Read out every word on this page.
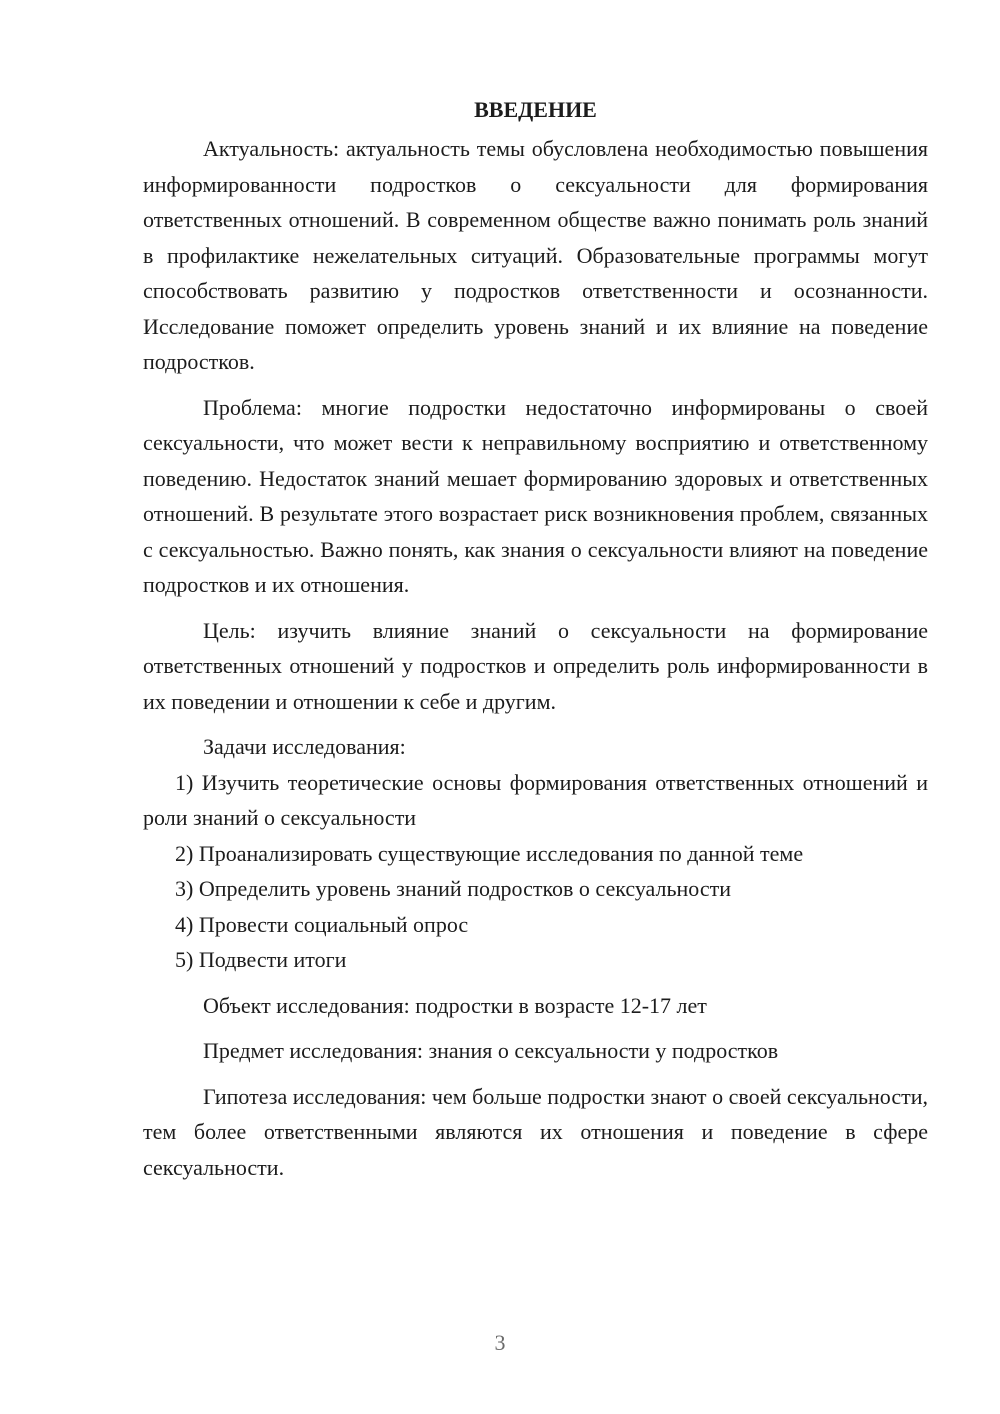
ВВЕДЕНИЕ

Актуальность: актуальность темы обусловлена необходимостью повышения информированности подростков о сексуальности для формирования ответственных отношений. В современном обществе важно понимать роль знаний в профилактике нежелательных ситуаций. Образовательные программы могут способствовать развитию у подростков ответственности и осознанности. Исследование поможет определить уровень знаний и их влияние на поведение подростков.

Проблема: многие подростки недостаточно информированы о своей сексуальности, что может вести к неправильному восприятию и ответственному поведению. Недостаток знаний мешает формированию здоровых и ответственных отношений. В результате этого возрастает риск возникновения проблем, связанных с сексуальностью. Важно понять, как знания о сексуальности влияют на поведение подростков и их отношения.

Цель: изучить влияние знаний о сексуальности на формирование ответственных отношений у подростков и определить роль информированности в их поведении и отношении к себе и другим.

Задачи исследования:

1) Изучить теоретические основы формирования ответственных отношений и роли знаний о сексуальности

2) Проанализировать существующие исследования по данной теме

3) Определить уровень знаний подростков о сексуальности

4) Провести социальный опрос

5) Подвести итоги

Объект исследования: подростки в возрасте 12-17 лет

Предмет исследования: знания о сексуальности у подростков

Гипотеза исследования: чем больше подростки знают о своей сексуальности, тем более ответственными являются их отношения и поведение в сфере сексуальности.

3
